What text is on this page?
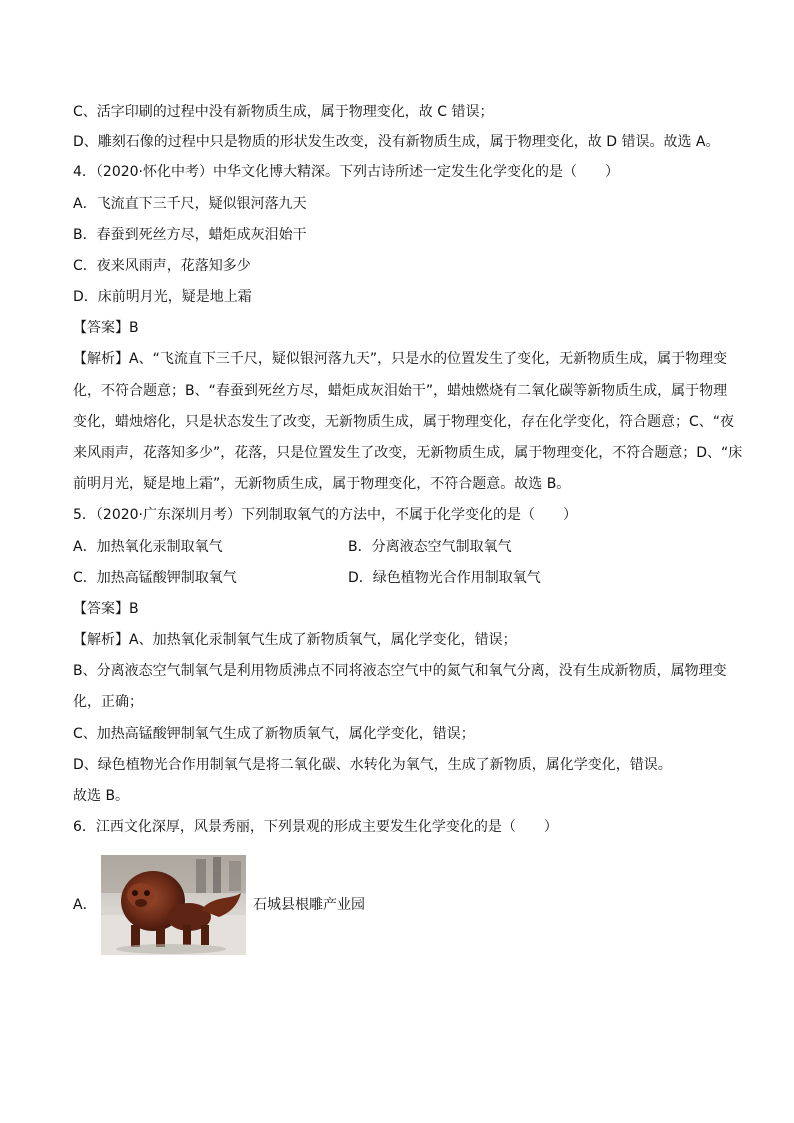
C、活字印刷的过程中没有新物质生成，属于物理变化，故 C 错误；
D、雕刻石像的过程中只是物质的形状发生改变，没有新物质生成，属于物理变化，故 D 错误。故选 A。
4．（2020·怀化中考）中华文化博大精深。下列古诗所述一定发生化学变化的是（　　）
A．飞流直下三千尺，疑似银河落九天
B．春蚕到死丝方尽，蜡炬成灰泪始干
C．夜来风雨声，花落知多少
D．床前明月光，疑是地上霜
【答案】B
【解析】A、“飞流直下三千尺，疑似银河落九天”，只是水的位置发生了变化，无新物质生成，属于物理变
化，不符合题意；B、“春蚕到死丝方尽，蜡炬成灰泪始干”，蜡烛燃烧有二氧化碳等新物质生成，属于物理
变化，蜡烛熔化，只是状态发生了改变，无新物质生成，属于物理变化，存在化学变化，符合题意；C、“夜
来风雨声，花落知多少”，花落，只是位置发生了改变，无新物质生成，属于物理变化，不符合题意；D、“床
前明月光，疑是地上霜”，无新物质生成，属于物理变化，不符合题意。故选 B。
5．（2020·广东深圳月考）下列制取氧气的方法中，不属于化学变化的是（　　）
A．加热氧化汞制取氧气	B．分离液态空气制取氧气
C．加热高锰酸钾制取氧气	D．绿色植物光合作用制取氧气
【答案】B
【解析】A、加热氧化汞制氧气生成了新物质氧气，属化学变化，错误；
B、分离液态空气制氧气是利用物质沸点不同将液态空气中的氮气和氧气分离，没有生成新物质，属物理变
化，正确；
C、加热高锰酸钾制氧气生成了新物质氧气，属化学变化，错误；
D、绿色植物光合作用制氧气是将二氧化碳、水转化为氧气，生成了新物质，属化学变化，错误。
故选 B。
6．江西文化深厚，风景秀丽，下列景观的形成主要发生化学变化的是（　　）
A．	石城县根雕产业园
